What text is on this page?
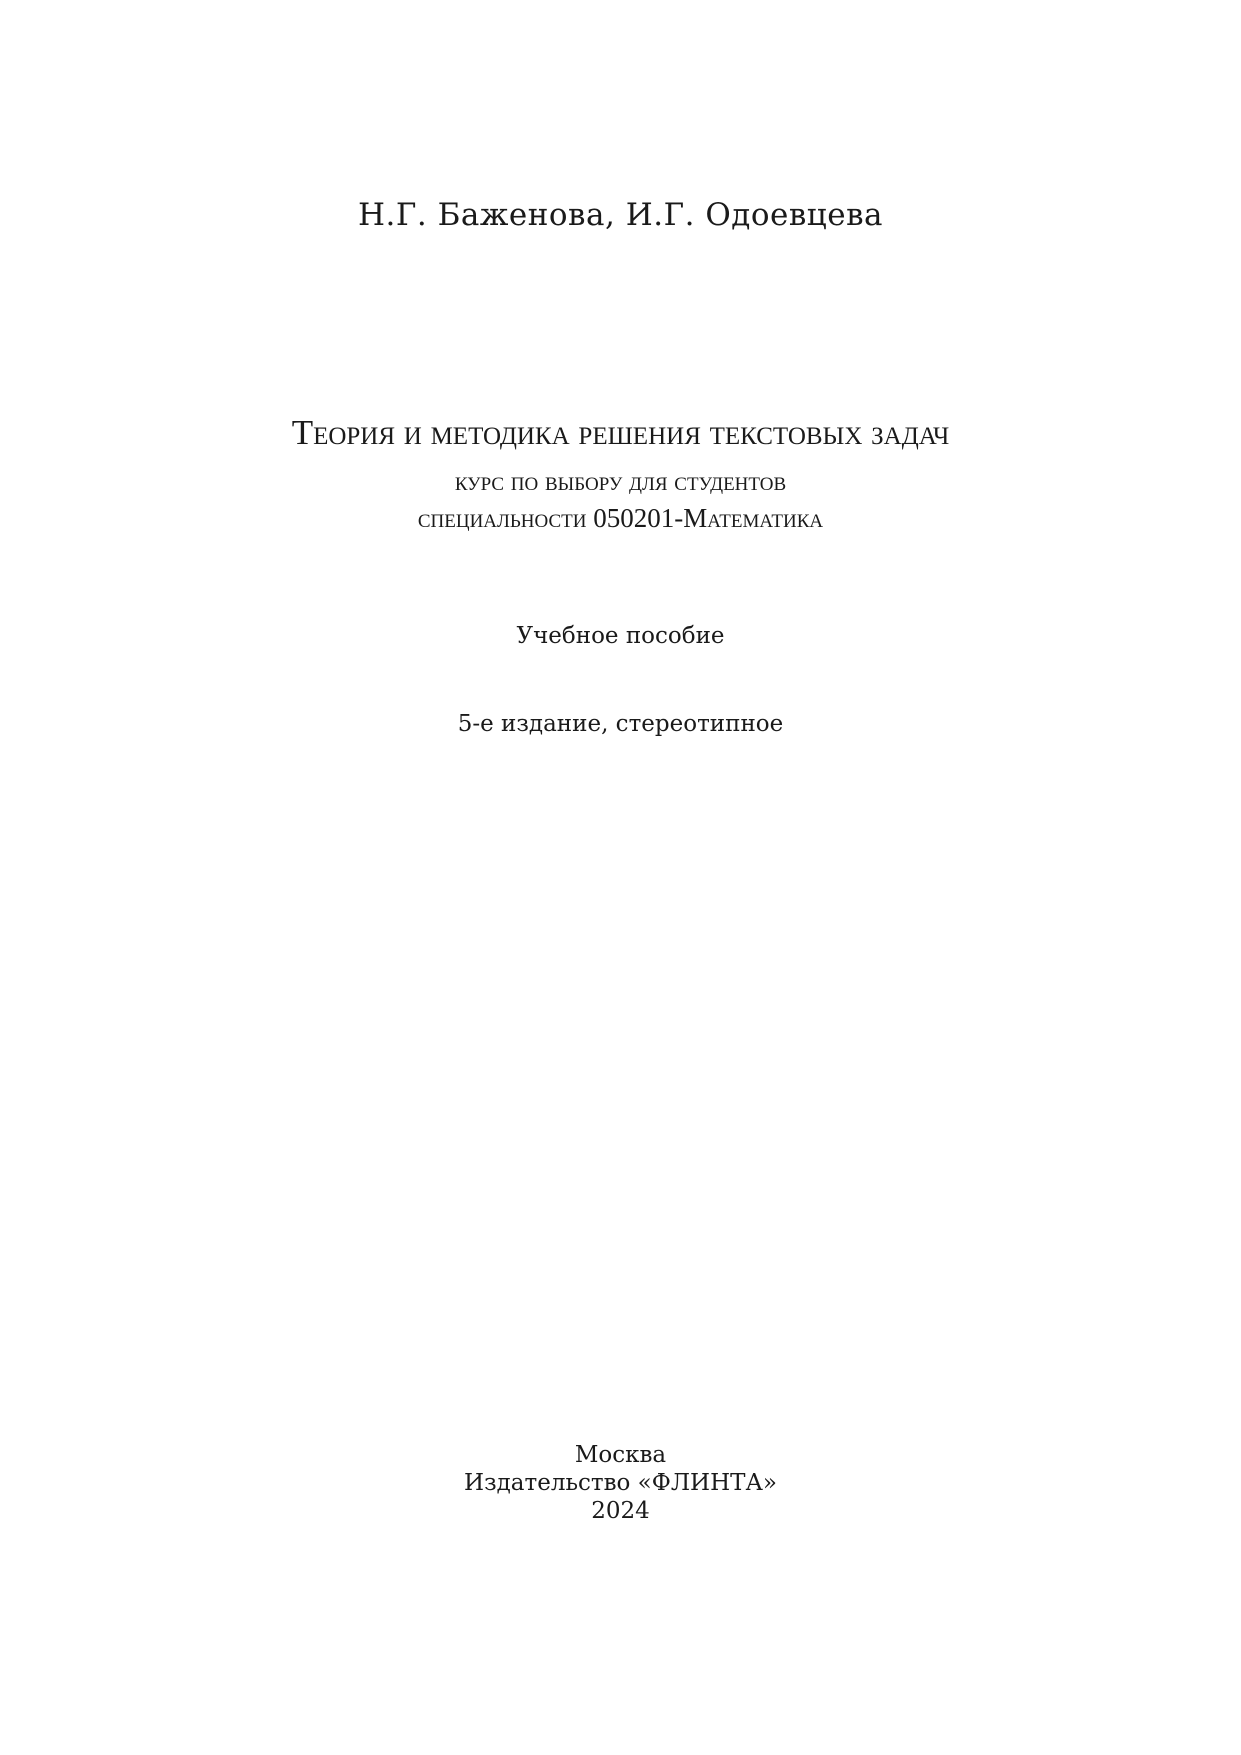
Н.Г. Баженова, И.Г. Одоевцева
Теория и методика решения текстовых задач
курс по выбору для студентов
специальности 050201-Математика
Учебное пособие
5-е издание, стереотипное
Москва
Издательство «ФЛИНТА»
2024
